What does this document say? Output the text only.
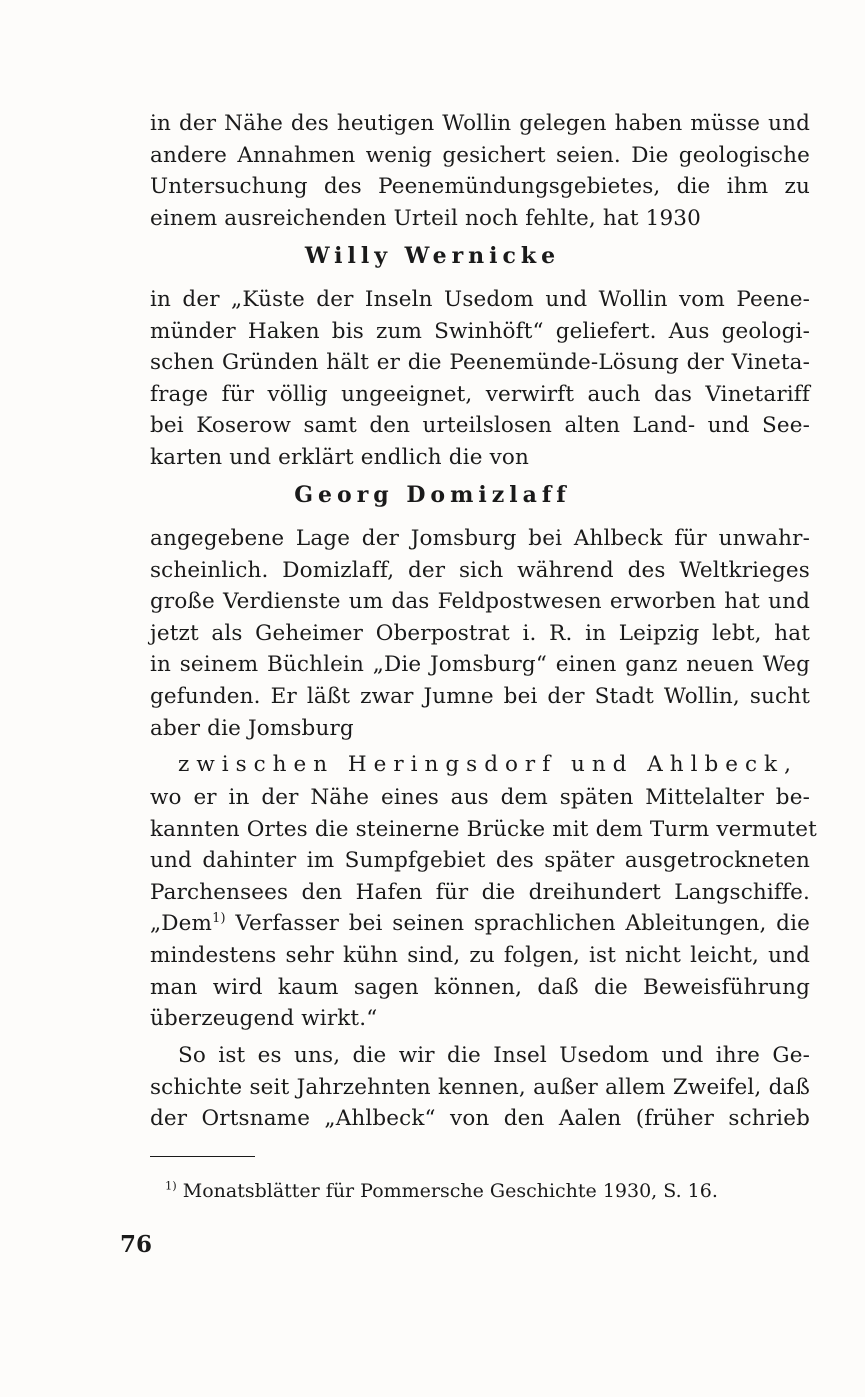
in der Nähe des heutigen Wollin gelegen haben müsse und
andere Annahmen wenig gesichert seien. Die geologische
Untersuchung des Peenemündungsgebietes, die ihm zu
einem ausreichenden Urteil noch fehlte, hat 1930
Willy Wernicke
in der „Küste der Inseln Usedom und Wollin vom Peene-
münder Haken bis zum Swinhöft“ geliefert. Aus geologi-
schen Gründen hält er die Peenemünde-Lösung der Vineta-
frage für völlig ungeeignet, verwirft auch das Vinetariff
bei Koserow samt den urteilslosen alten Land- und See-
karten und erklärt endlich die von
Georg Domizlaff
angegebene Lage der Jomsburg bei Ahlbeck für unwahr-
scheinlich. Domizlaff, der sich während des Weltkrieges
große Verdienste um das Feldpostwesen erworben hat und
jetzt als Geheimer Oberpostrat i. R. in Leipzig lebt, hat
in seinem Büchlein „Die Jomsburg“ einen ganz neuen Weg
gefunden. Er läßt zwar Jumne bei der Stadt Wollin, sucht
aber die Jomsburg
zwischen Heringsdorf und Ahlbeck,
wo er in der Nähe eines aus dem späten Mittelalter be-
kannten Ortes die steinerne Brücke mit dem Turm vermutet
und dahinter im Sumpfgebiet des später ausgetrockneten
Parchensees den Hafen für die dreihundert Langschiffe.
„Dem$^{1)}$ Verfasser bei seinen sprachlichen Ableitungen, die
mindestens sehr kühn sind, zu folgen, ist nicht leicht, und
man wird kaum sagen können, daß die Beweisführung
überzeugend wirkt.“
So ist es uns, die wir die Insel Usedom und ihre Ge-
schichte seit Jahrzehnten kennen, außer allem Zweifel, daß
der Ortsname „Ahlbeck“ von den Aalen (früher schrieb
$^{1)}$ Monatsblätter für Pommersche Geschichte 1930, S. 16.
76
